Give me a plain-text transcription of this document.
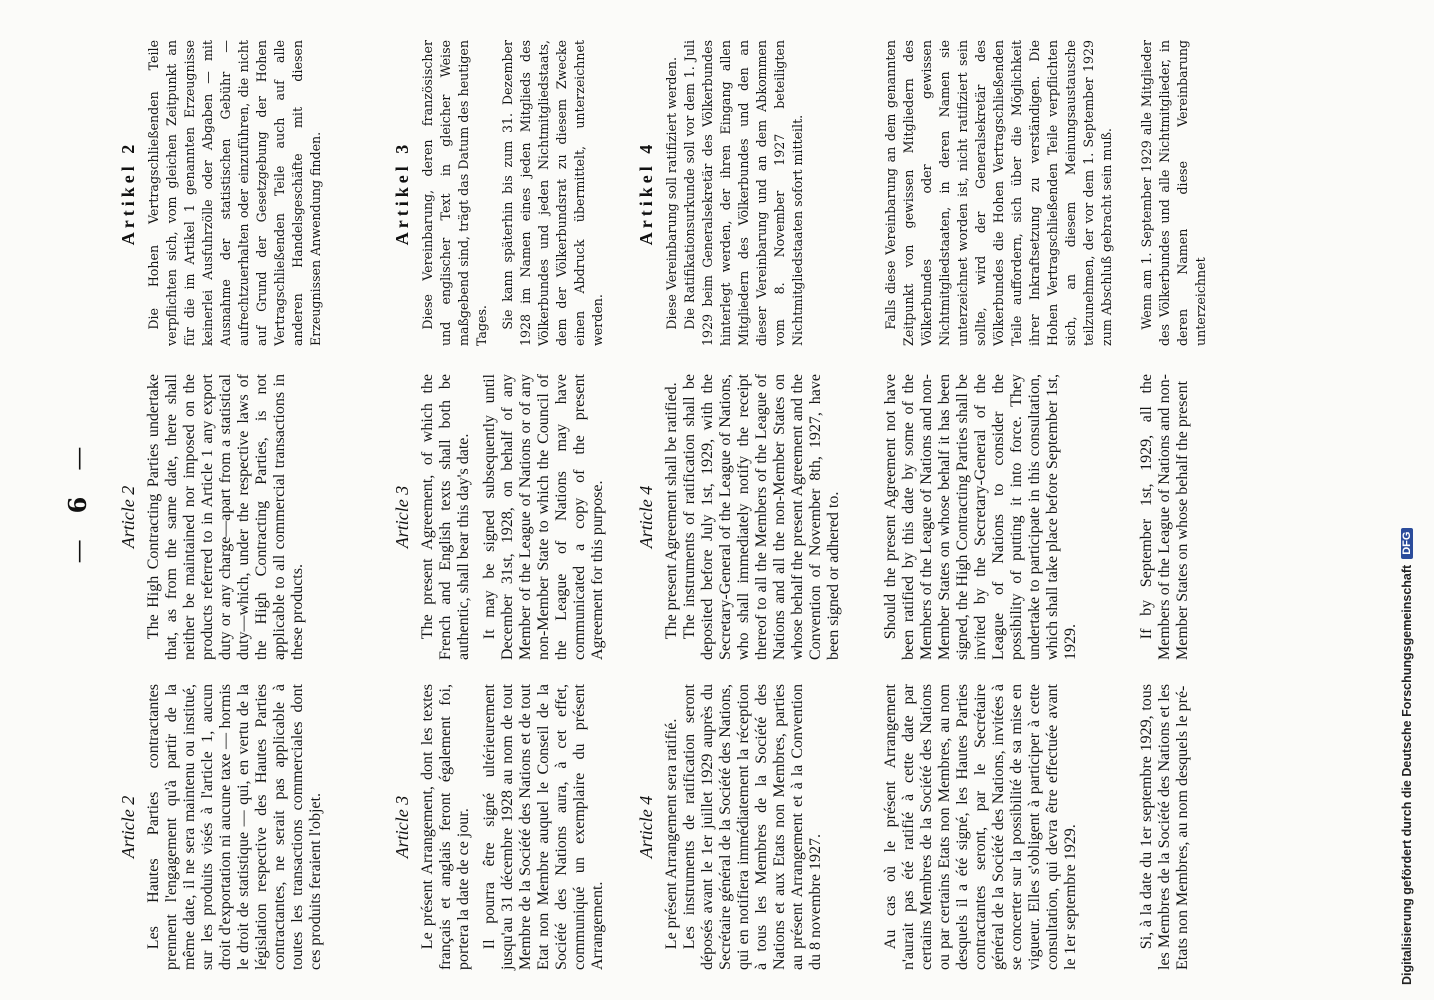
—
6
—
Article 2 Les Hautes Parties contractantes prennent l'engagement qu'à partir de la même date, il ne sera maintenu ou institué, sur les produits visés à l'article 1, aucun droit d'exportation ni aucune taxe — hormis le droit de statistique — qui, en vertu de la législation respective des Hautes Parties contractantes, ne serait pas applicable à toutes les transactions commerciales dont ces produits feraient l'objet.

Article 2 The High Contracting Parties undertake that, as from the same date, there shall neither be maintained nor imposed on the products referred to in Article 1 any export duty or any charge—apart from a statistical duty—which, under the respective laws of the High Contracting Parties, is not applicable to all commercial transactions in these products.

Artikel 2 Die Hohen Vertragschließenden Teile verpflichten sich, vom gleichen Zeitpunkt an für die im Artikel 1 genannten Erzeugnisse keinerlei Ausfuhrzölle oder Abgaben — mit Ausnahme der statistischen Gebühr — aufrechtzuerhalten oder einzuführen, die nicht auf Grund der Gesetzgebung der Hohen Vertragschließenden Teile auch auf alle anderen Handelsgeschäfte mit diesen Erzeugnissen Anwendung finden.

Article 3 Le présent Arrangement, dont les textes français et anglais feront également foi, portera la date de ce jour. Il pourra être signé ultérieurement jusqu'au 31 décembre 1928 au nom de tout Membre de la Société des Nations et de tout Etat non Membre auquel le Conseil de la Société des Nations aura, à cet effet, communiqué un exemplaire du présent Arrangement.

Article 3 The present Agreement, of which the French and English texts shall both be authentic, shall bear this day's date. It may be signed subsequently until December 31st, 1928, on behalf of any Member of the League of Nations or of any non-Member State to which the Council of the League of Nations may have communicated a copy of the present Agreement for this purpose.

Artikel 3 Diese Vereinbarung, deren französischer und englischer Text in gleicher Weise maßgebend sind, trägt das Datum des heutigen Tages. Sie kann späterhin bis zum 31. Dezember 1928 im Namen eines jeden Mitglieds des Völkerbundes und jeden Nichtmitgliedstaats, dem der Völkerbundsrat zu diesem Zwecke einen Abdruck übermittelt, unterzeichnet werden.

Article 4 Le présent Arrangement sera ratifié. Les instruments de ratification seront déposés avant le 1er juillet 1929 auprès du Secrétaire général de la Société des Nations, qui en notifiera immédiatement la réception à tous les Membres de la Société des Nations et aux Etats non Membres, parties au présent Arrangement et à la Convention du 8 novembre 1927.

Article 4 The present Agreement shall be ratified. The instruments of ratification shall be deposited before July 1st, 1929, with the Secretary-General of the League of Nations, who shall immediately notify the receipt thereof to all the Members of the League of Nations and all the non-Member States on whose behalf the present Agreement and the Convention of November 8th, 1927, have been signed or adhered to.

Artikel 4 Diese Vereinbarung soll ratifiziert werden. Die Ratifikationsurkunde soll vor dem 1. Juli 1929 beim Generalsekretär des Völkerbundes hinterlegt werden, der ihren Eingang allen Mitgliedern des Völkerbundes und den an dieser Vereinbarung und an dem Abkommen vom 8. November 1927 beteiligten Nichtmitgliedstaaten sofort mitteilt.

Au cas où le présent Arrangement n'aurait pas été ratifié à cette date par certains Membres de la Société des Nations ou par certains Etats non Membres, au nom desquels il a été signé, les Hautes Parties contractantes seront, par le Secrétaire général de la Société des Nations, invitées à se concerter sur la possibilité de sa mise en vigueur. Elles s'obligent à participer à cette consultation, qui devra être effectuée avant le 1er septembre 1929.

Should the present Agreement not have been ratified by this date by some of the Members of the League of Nations and non-Member States on whose behalf it has been signed, the High Contracting Parties shall be invited by the Secretary-General of the League of Nations to consider the possibility of putting it into force. They undertake to participate in this consultation, which shall take place before September 1st, 1929.

Falls diese Vereinbarung an dem genannten Zeitpunkt von gewissen Mitgliedern des Völkerbundes oder gewissen Nichtmitgliedstaaten, in deren Namen sie unterzeichnet worden ist, nicht ratifiziert sein sollte, wird der Generalsekretär des Völkerbundes die Hohen Vertragschließenden Teile auffordern, sich über die Möglichkeit ihrer Inkraftsetzung zu verständigen. Die Hohen Vertragschließenden Teile verpflichten sich, an diesem Meinungsaustausche teilzunehmen, der vor dem 1. September 1929 zum Abschluß gebracht sein muß.

Si, à la date du 1er septembre 1929, tous les Membres de la Société des Nations et les Etats non Membres, au nom desquels le pré-

If by September 1st, 1929, all the Members of the League of Nations and non-Member States on whose behalf the present

Wenn am 1. September 1929 alle Mitglieder des Völkerbundes und alle Nichtmitglieder, in deren Namen diese Vereinbarung unterzeichnet

Digitalisierung gefördert durch die Deutsche Forschungsgemeinschaft
DFG
